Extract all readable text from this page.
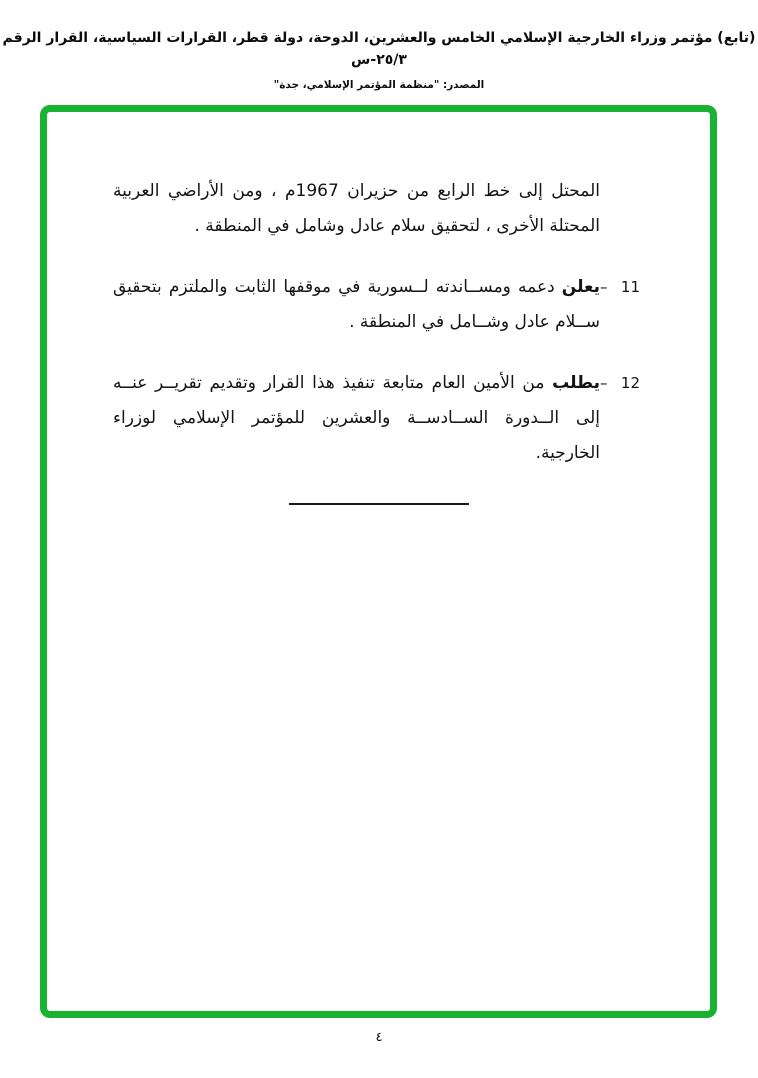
(تابع) مؤتمر وزراء الخارجية الإسلامي الخامس والعشرين، الدوحة، دولة قطر، القرارات السياسية، القرار الرقم ٢٥/٣-س
المصدر: "منظمة المؤتمر الإسلامي، جدة"

المحتل إلى خط الرابع من حزيران 1967م ، ومن الأراضي العربية المحتلة الأخرى ، لتحقيق سلام عادل وشامل في المنطقة .

11
–

يعلن دعمه ومســاندته لــسورية في موقفها الثابت والملتزم بتحقيق ســلام عادل وشــامل في المنطقة .

12
–

يطلب من الأمين العام متابعة تنفيذ هذا القرار وتقديم تقريــر عنــه إلى الــدورة الســادســة والعشرين للمؤتمر الإسلامي لوزراء الخارجية.

٤
